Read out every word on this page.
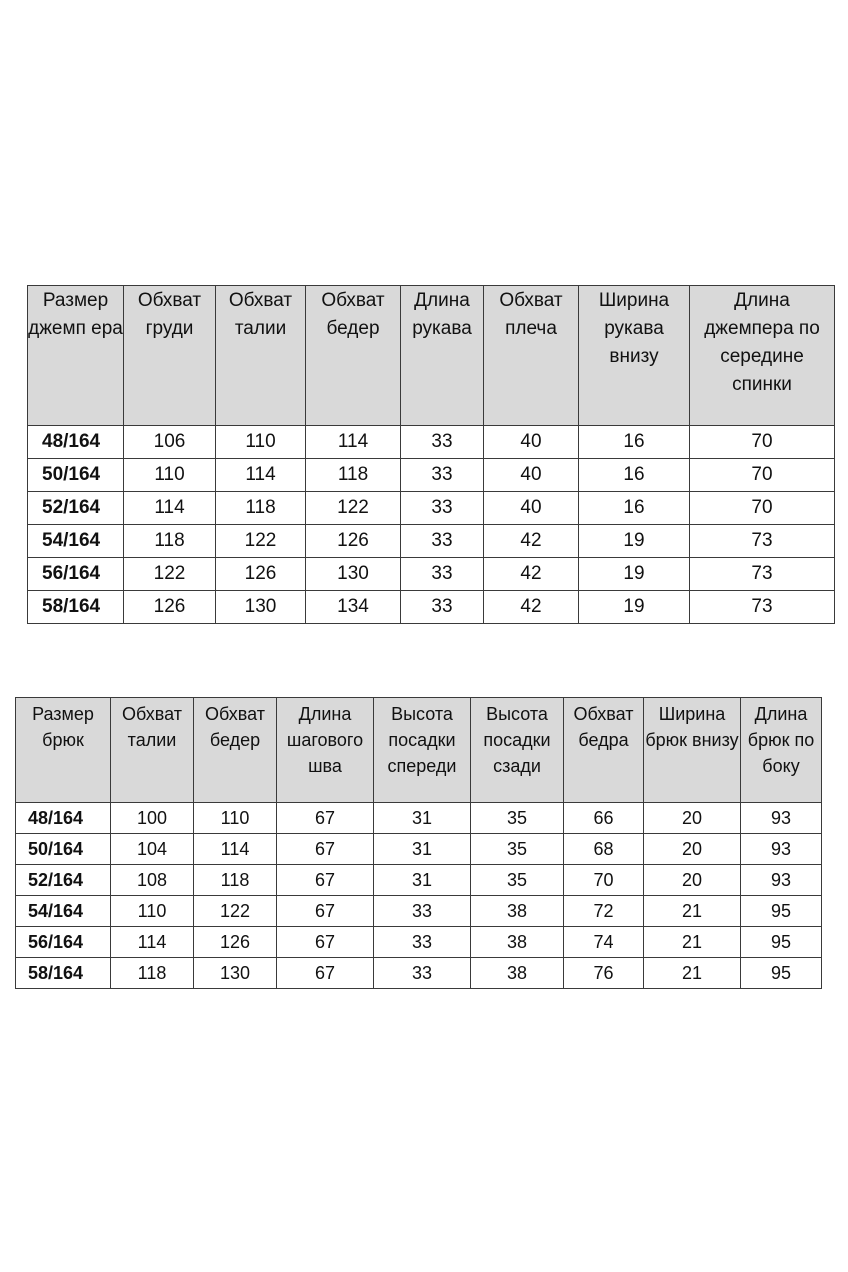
Размер джемп ера	Обхват груди	Обхват талии	Обхват бедер	Длина рукава	Обхват плеча	Ширина рукава внизу	Длина джемпера по середине спинки
48/164	106	110	114	33	40	16	70
50/164	110	114	118	33	40	16	70
52/164	114	118	122	33	40	16	70
54/164	118	122	126	33	42	19	73
56/164	122	126	130	33	42	19	73
58/164	126	130	134	33	42	19	73
Размер брюк	Обхват талии	Обхват бедер	Длина шагового шва	Высота посадки спереди	Высота посадки сзади	Обхват бедра	Ширина брюк внизу	Длина брюк по боку
48/164	100	110	67	31	35	66	20	93
50/164	104	114	67	31	35	68	20	93
52/164	108	118	67	31	35	70	20	93
54/164	110	122	67	33	38	72	21	95
56/164	114	126	67	33	38	74	21	95
58/164	118	130	67	33	38	76	21	95
